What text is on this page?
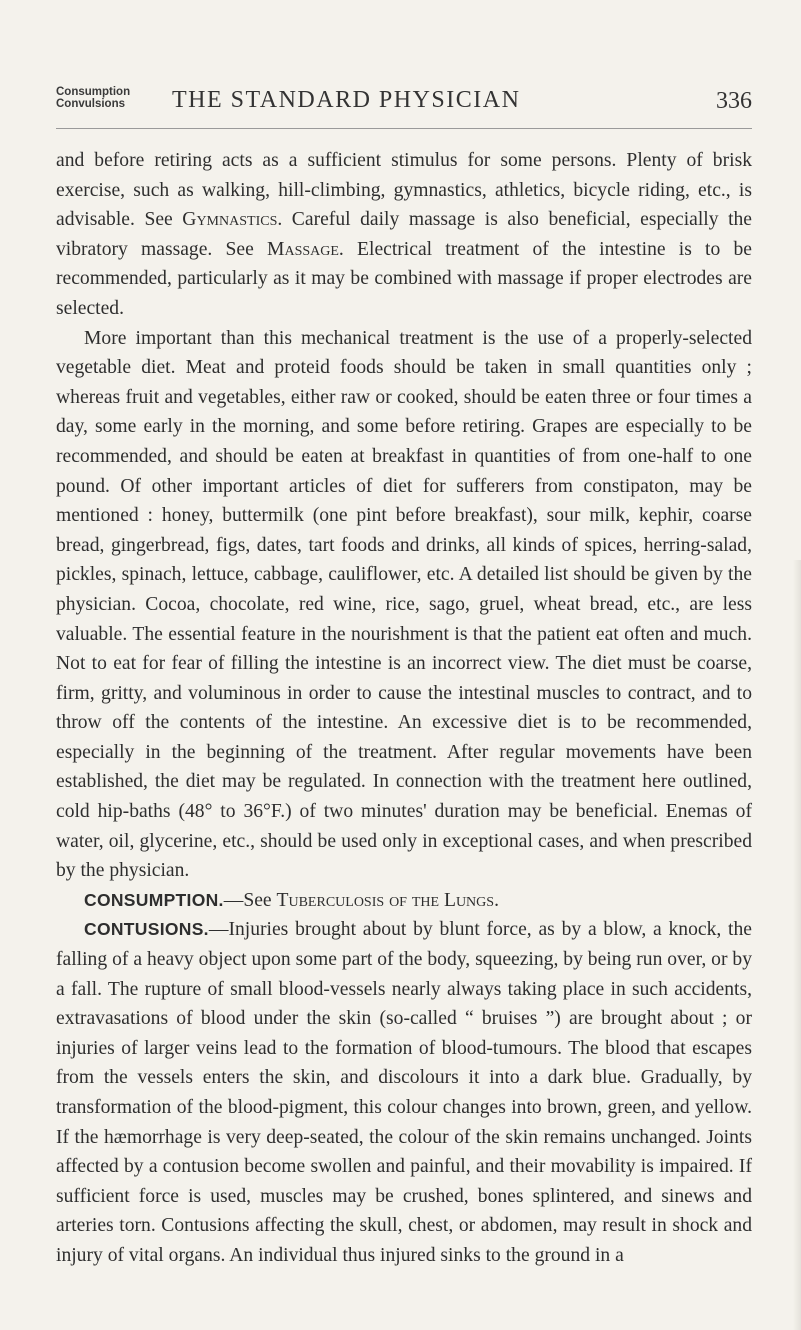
Consumption
Convulsions	THE STANDARD PHYSICIAN	336

and before retiring acts as a sufficient stimulus for some persons. Plenty of brisk exercise, such as walking, hill-climbing, gymnastics, athletics, bicycle riding, etc., is advisable. See Gymnastics. Careful daily massage is also beneficial, especially the vibratory massage. See Massage. Electrical treatment of the intestine is to be recommended, particularly as it may be combined with massage if proper electrodes are selected.

More important than this mechanical treatment is the use of a properly-selected vegetable diet. Meat and proteid foods should be taken in small quantities only ; whereas fruit and vegetables, either raw or cooked, should be eaten three or four times a day, some early in the morning, and some before retiring. Grapes are especially to be recommended, and should be eaten at breakfast in quantities of from one-half to one pound. Of other important articles of diet for sufferers from constipaton, may be mentioned : honey, buttermilk (one pint before breakfast), sour milk, kephir, coarse bread, gingerbread, figs, dates, tart foods and drinks, all kinds of spices, herring-salad, pickles, spinach, lettuce, cabbage, cauliflower, etc. A detailed list should be given by the physician. Cocoa, chocolate, red wine, rice, sago, gruel, wheat bread, etc., are less valuable. The essential feature in the nourishment is that the patient eat often and much. Not to eat for fear of filling the intestine is an incorrect view. The diet must be coarse, firm, gritty, and voluminous in order to cause the intestinal muscles to contract, and to throw off the contents of the intestine. An excessive diet is to be recommended, especially in the beginning of the treatment. After regular movements have been established, the diet may be regulated. In connection with the treatment here outlined, cold hip-baths (48° to 36°F.) of two minutes' duration may be beneficial. Enemas of water, oil, glycerine, etc., should be used only in exceptional cases, and when prescribed by the physician.

CONSUMPTION.—See Tuberculosis of the Lungs.

CONTUSIONS.—Injuries brought about by blunt force, as by a blow, a knock, the falling of a heavy object upon some part of the body, squeezing, by being run over, or by a fall. The rupture of small blood-vessels nearly always taking place in such accidents, extravasations of blood under the skin (so-called “ bruises ”) are brought about ; or injuries of larger veins lead to the formation of blood-tumours. The blood that escapes from the vessels enters the skin, and discolours it into a dark blue. Gradually, by transformation of the blood-pigment, this colour changes into brown, green, and yellow. If the hæmorrhage is very deep-seated, the colour of the skin remains unchanged. Joints affected by a contusion become swollen and painful, and their movability is impaired. If sufficient force is used, muscles may be crushed, bones splintered, and sinews and arteries torn. Contusions affecting the skull, chest, or abdomen, may result in shock and injury of vital organs. An individual thus injured sinks to the ground in a
